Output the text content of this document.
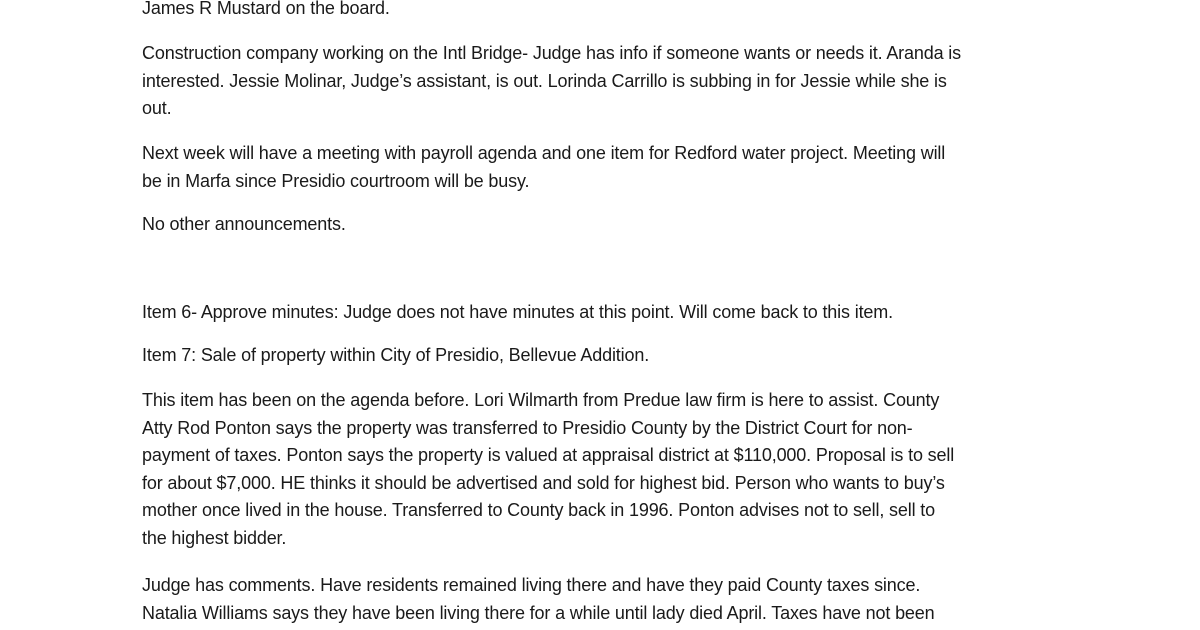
James R Mustard on the board.

Construction company working on the Intl Bridge- Judge has info if someone wants or needs it. Aranda is
interested. Jessie Molinar, Judge’s assistant, is out. Lorinda Carrillo is subbing in for Jessie while she is
out.

Next week will have a meeting with payroll agenda and one item for Redford water project. Meeting will
be in Marfa since Presidio courtroom will be busy.

No other announcements.

Item 6- Approve minutes: Judge does not have minutes at this point. Will come back to this item.

Item 7: Sale of property within City of Presidio, Bellevue Addition.

This item has been on the agenda before. Lori Wilmarth from Predue law firm is here to assist. County
Atty Rod Ponton says the property was transferred to Presidio County by the District Court for non-
payment of taxes. Ponton says the property is valued at appraisal district at $110,000. Proposal is to sell
for about $7,000. HE thinks it should be advertised and sold for highest bid. Person who wants to buy’s
mother once lived in the house. Transferred to County back in 1996. Ponton advises not to sell, sell to
the highest bidder.

Judge has comments. Have residents remained living there and have they paid County taxes since.
Natalia Williams says they have been living there for a while until lady died April. Taxes have not been
